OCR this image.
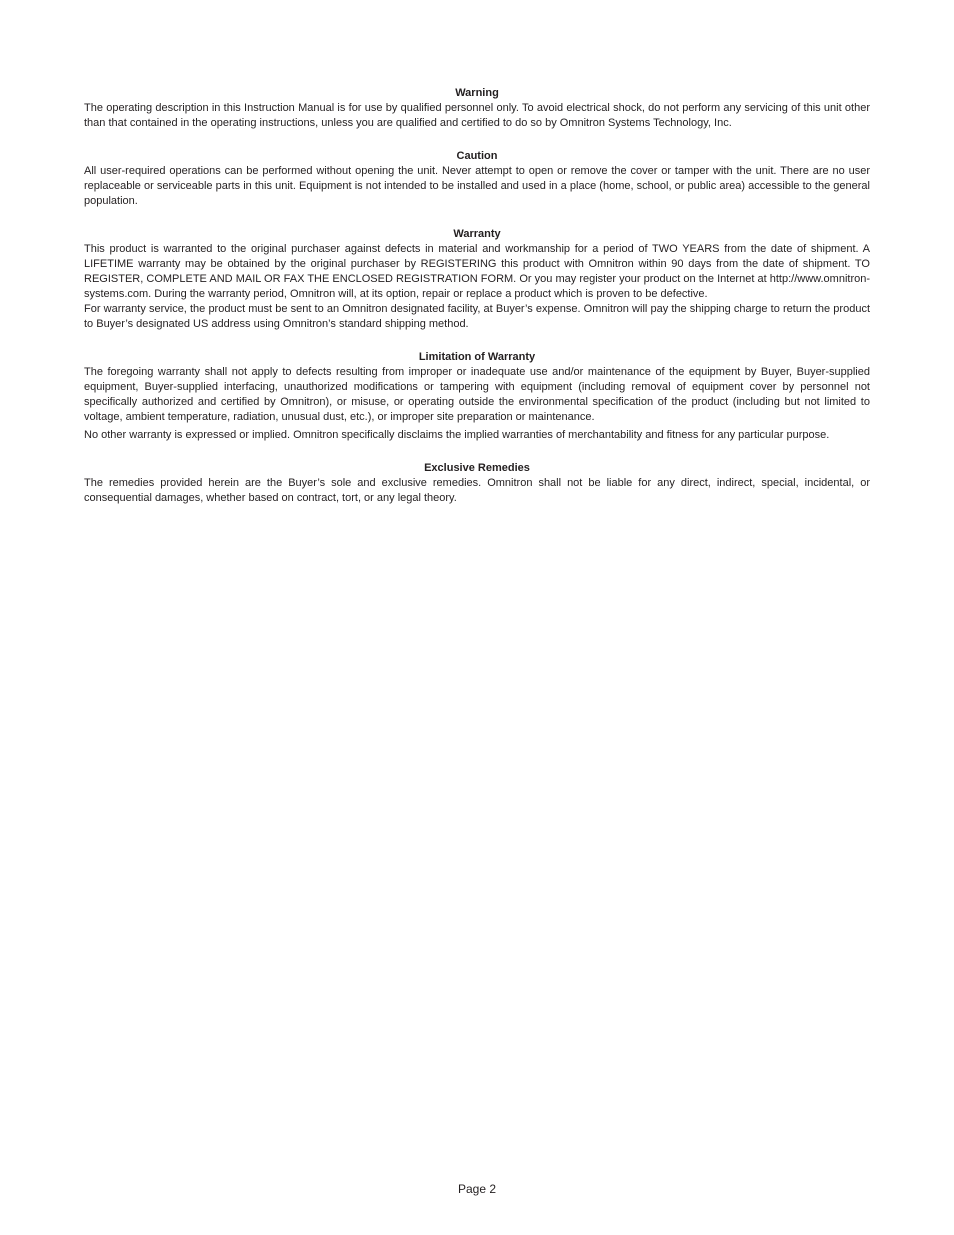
Warning

The operating description in this Instruction Manual is for use by qualified personnel only. To avoid electrical shock, do not perform any servicing of this unit other than that contained in the operating instructions, unless you are qualified and certified to do so by Omnitron Systems Technology, Inc.

Caution

All user-required operations can be performed without opening the unit. Never attempt to open or remove the cover or tamper with the unit. There are no user replaceable or serviceable parts in this unit. Equipment is not intended to be installed and used in a place (home, school, or public area) accessible to the general population.

Warranty

This product is warranted to the original purchaser against defects in material and workmanship for a period of TWO YEARS from the date of shipment. A LIFETIME warranty may be obtained by the original purchaser by REGISTERING this product with Omnitron within 90 days from the date of shipment. TO REGISTER, COMPLETE AND MAIL OR FAX THE ENCLOSED REGISTRATION FORM. Or you may register your product on the Internet at http://www.omnitron-systems.com. During the warranty period, Omnitron will, at its option, repair or replace a product which is proven to be defective.

For warranty service, the product must be sent to an Omnitron designated facility, at Buyer’s expense. Omnitron will pay the shipping charge to return the product to Buyer’s designated US address using Omnitron’s standard shipping method.

Limitation of Warranty

The foregoing warranty shall not apply to defects resulting from improper or inadequate use and/or maintenance of the equipment by Buyer, Buyer-supplied equipment, Buyer-supplied interfacing, unauthorized modifications or tampering with equipment (including removal of equipment cover by personnel not specifically authorized and certified by Omnitron), or misuse, or operating outside the environmental specification of the product (including but not limited to voltage, ambient temperature, radiation, unusual dust, etc.), or improper site preparation or maintenance.

No other warranty is expressed or implied. Omnitron specifically disclaims the implied warranties of merchantability and fitness for any particular purpose.

Exclusive Remedies

The remedies provided herein are the Buyer’s sole and exclusive remedies. Omnitron shall not be liable for any direct, indirect, special, incidental, or consequential damages, whether based on contract, tort, or any legal theory.

Page 2
